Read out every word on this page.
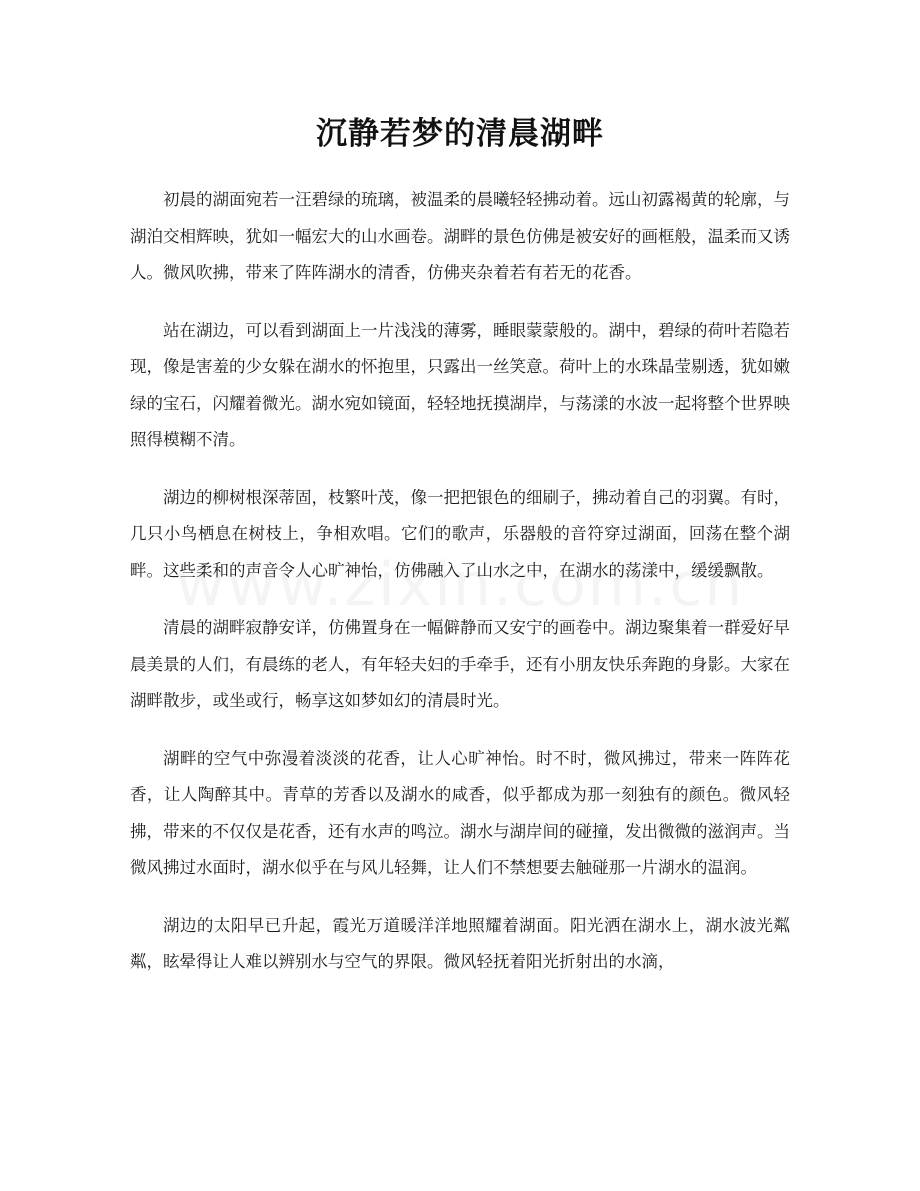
沉静若梦的清晨湖畔

初晨的湖面宛若一汪碧绿的琉璃，被温柔的晨曦轻轻拂动着。远山初露褐黄的轮廓，与湖泊交相辉映，犹如一幅宏大的山水画卷。湖畔的景色仿佛是被安好的画框般，温柔而又诱人。微风吹拂，带来了阵阵湖水的清香，仿佛夹杂着若有若无的花香。

站在湖边，可以看到湖面上一片浅浅的薄雾，睡眼蒙蒙般的。湖中，碧绿的荷叶若隐若现，像是害羞的少女躲在湖水的怀抱里，只露出一丝笑意。荷叶上的水珠晶莹剔透，犹如嫩绿的宝石，闪耀着微光。湖水宛如镜面，轻轻地抚摸湖岸，与荡漾的水波一起将整个世界映照得模糊不清。

湖边的柳树根深蒂固，枝繁叶茂，像一把把银色的细刷子，拂动着自己的羽翼。有时，几只小鸟栖息在树枝上，争相欢唱。它们的歌声，乐器般的音符穿过湖面，回荡在整个湖畔。这些柔和的声音令人心旷神怡，仿佛融入了山水之中，在湖水的荡漾中，缓缓飘散。

清晨的湖畔寂静安详，仿佛置身在一幅僻静而又安宁的画卷中。湖边聚集着一群爱好早晨美景的人们，有晨练的老人，有年轻夫妇的手牵手，还有小朋友快乐奔跑的身影。大家在湖畔散步，或坐或行，畅享这如梦如幻的清晨时光。

湖畔的空气中弥漫着淡淡的花香，让人心旷神怡。时不时，微风拂过，带来一阵阵花香，让人陶醉其中。青草的芳香以及湖水的咸香，似乎都成为那一刻独有的颜色。微风轻拂，带来的不仅仅是花香，还有水声的鸣泣。湖水与湖岸间的碰撞，发出微微的滋润声。当微风拂过水面时，湖水似乎在与风儿轻舞，让人们不禁想要去触碰那一片湖水的温润。

湖边的太阳早已升起，霞光万道暖洋洋地照耀着湖面。阳光洒在湖水上，湖水波光粼粼，眩晕得让人难以辨别水与空气的界限。微风轻抚着阳光折射出的水滴，
